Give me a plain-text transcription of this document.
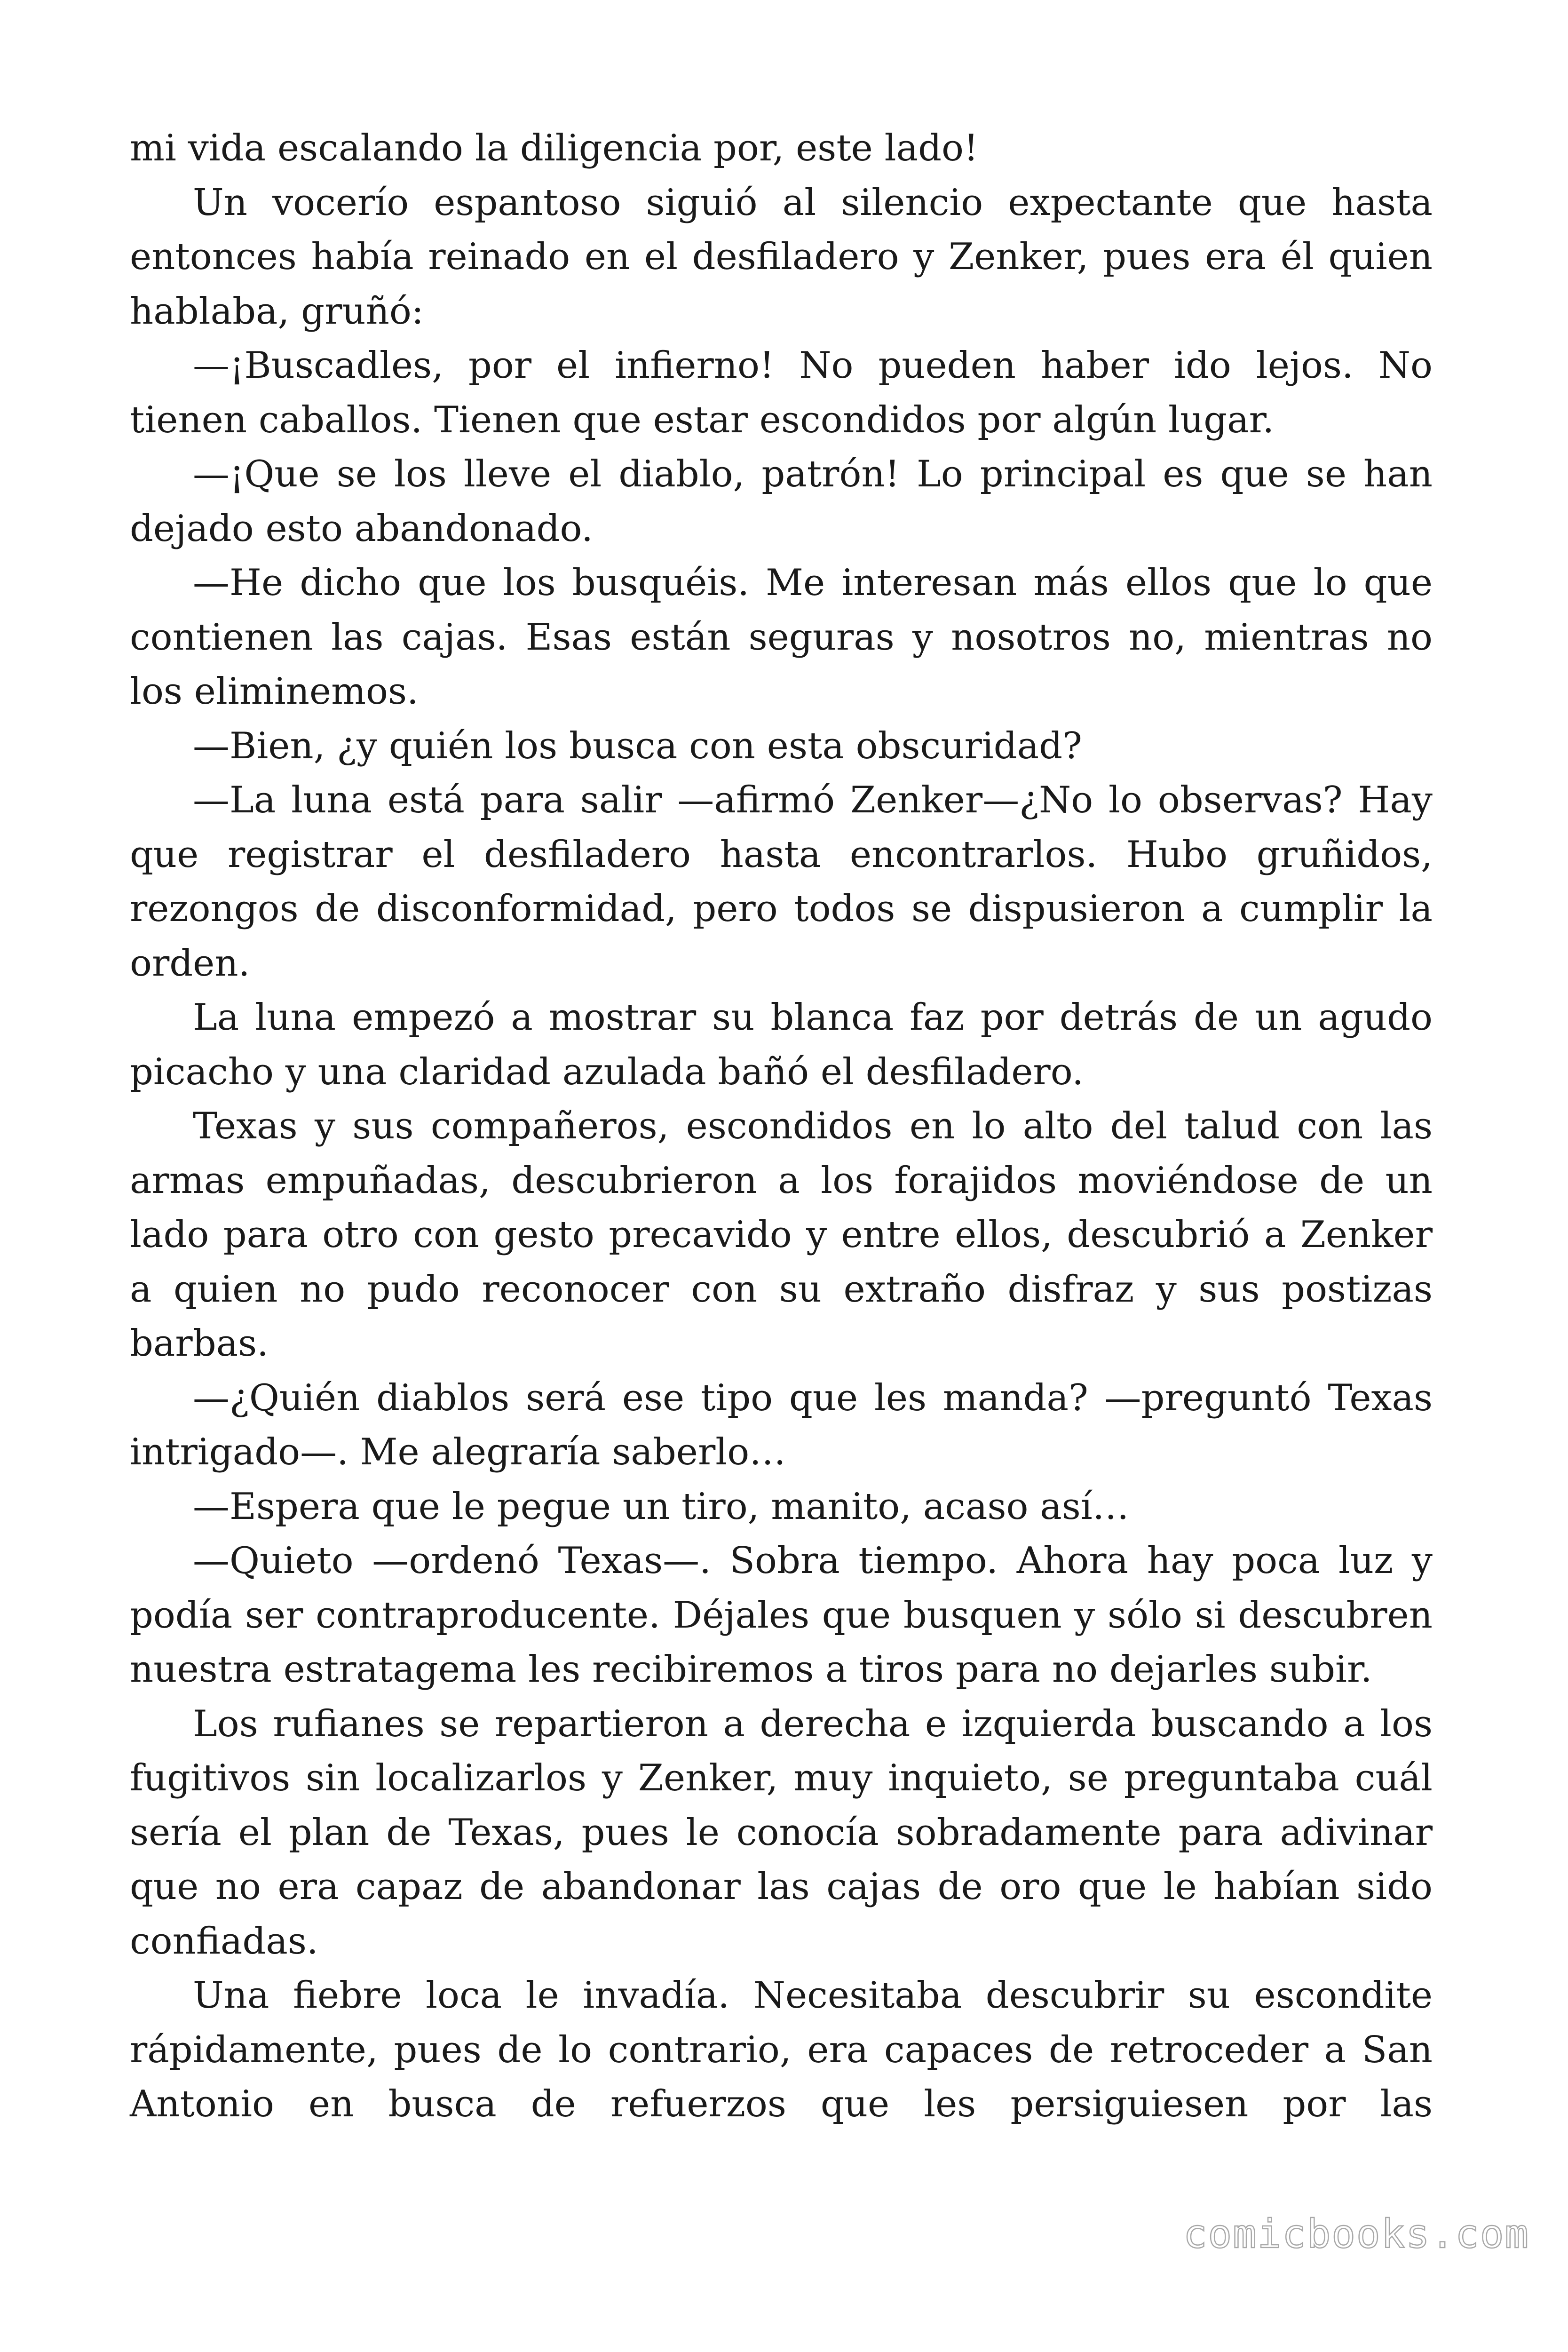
mi vida escalando la diligencia por, este lado!

Un vocerío espantoso siguió al silencio expectante que hasta entonces había reinado en el desfiladero y Zenker, pues era él quien hablaba, gruñó:

—¡Buscadles, por el infierno! No pueden haber ido lejos. No tienen caballos. Tienen que estar escondidos por algún lugar.

—¡Que se los lleve el diablo, patrón! Lo principal es que se han dejado esto abandonado.

—He dicho que los busquéis. Me interesan más ellos que lo que contienen las cajas. Esas están seguras y nosotros no, mientras no los eliminemos.

—Bien, ¿y quién los busca con esta obscuridad?

—La luna está para salir —afirmó Zenker—¿No lo observas? Hay que registrar el desfiladero hasta encontrarlos. Hubo gruñidos, rezongos de disconformidad, pero todos se dispusieron a cumplir la orden.

La luna empezó a mostrar su blanca faz por detrás de un agudo picacho y una claridad azulada bañó el desfiladero.

Texas y sus compañeros, escondidos en lo alto del talud con las armas empuñadas, descubrieron a los forajidos moviéndose de un lado para otro con gesto precavido y entre ellos, descubrió a Zenker a quien no pudo reconocer con su extraño disfraz y sus postizas barbas.

—¿Quién diablos será ese tipo que les manda? —preguntó Texas intrigado—. Me alegraría saberlo…

—Espera que le pegue un tiro, manito, acaso así…

—Quieto —ordenó Texas—. Sobra tiempo. Ahora hay poca luz y podía ser contraproducente. Déjales que busquen y sólo si descubren nuestra estratagema les recibiremos a tiros para no dejarles subir.

Los rufianes se repartieron a derecha e izquierda buscando a los fugitivos sin localizarlos y Zenker, muy inquieto, se preguntaba cuál sería el plan de Texas, pues le conocía sobradamente para adivinar que no era capaz de abandonar las cajas de oro que le habían sido confiadas.

Una fiebre loca le invadía. Necesitaba descubrir su escondite rápidamente, pues de lo contrario, era capaces de retroceder a San Antonio en busca de refuerzos que les persiguiesen por las

comicbooks.com
